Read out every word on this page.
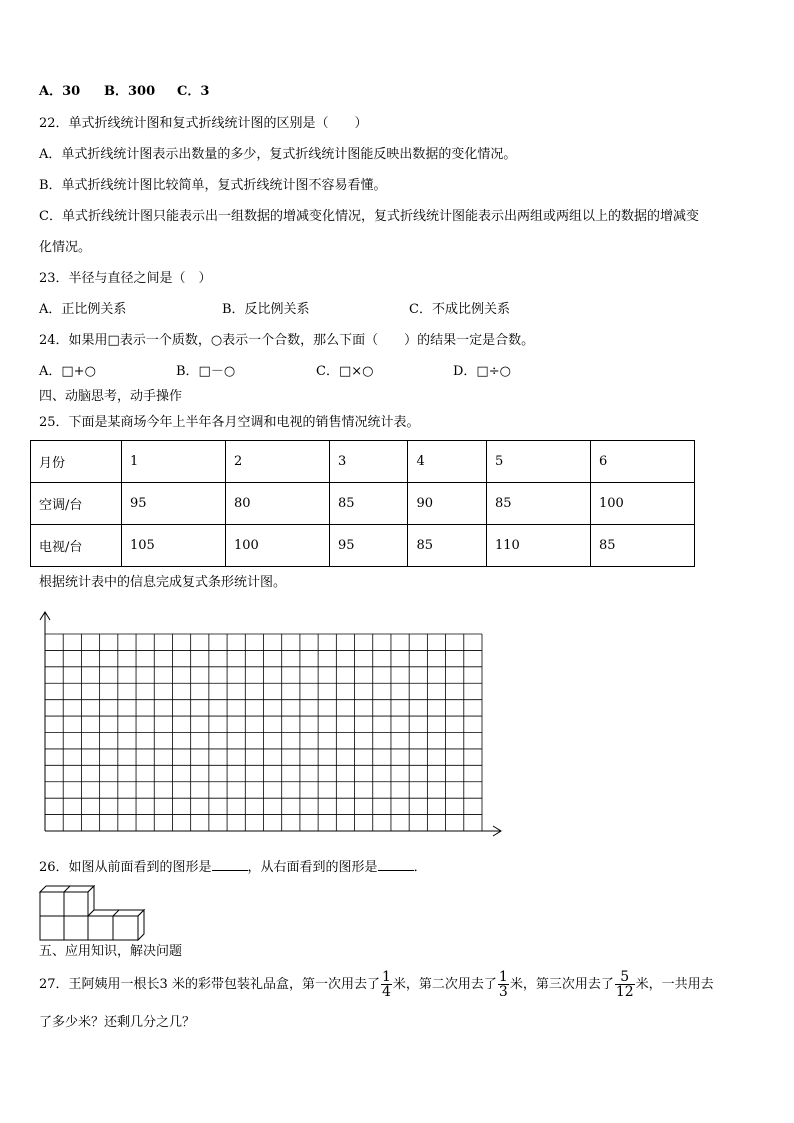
A．30 B．300 C．3
22．单式折线统计图和复式折线统计图的区别是（　　）
A．单式折线统计图表示出数量的多少，复式折线统计图能反映出数据的变化情况。
B．单式折线统计图比较简单，复式折线统计图不容易看懂。
C．单式折线统计图只能表示出一组数据的增减变化情况，复式折线统计图能表示出两组或两组以上的数据的增减变
化情况。
23．半径与直径之间是（　）
A．正比例关系	B．反比例关系	C．不成比例关系
24．如果用□表示一个质数，○表示一个合数，那么下面（　　）的结果一定是合数。
A．□+○	B．□－○	C．□×○	D．□÷○
四、动脑思考，动手操作
25．下面是某商场今年上半年各月空调和电视的销售情况统计表。
月份	1	2	3	4	5	6
空调/台	95	80	85	90	85	100
电视/台	105	100	95	85	110	85
根据统计表中的信息完成复式条形统计图。
26．如图从前面看到的图形是	，从右面看到的图形是	．
五、应用知识，解决问题
27．王阿姨用一根长3 米的彩带包装礼品盒，第一次用去了 $\frac{1}{4}$ 米，第二次用去了 $\frac{1}{3}$ 米，第三次用去了 $\frac{5}{12}$ 米，一共用去
了多少米？还剩几分之几？
